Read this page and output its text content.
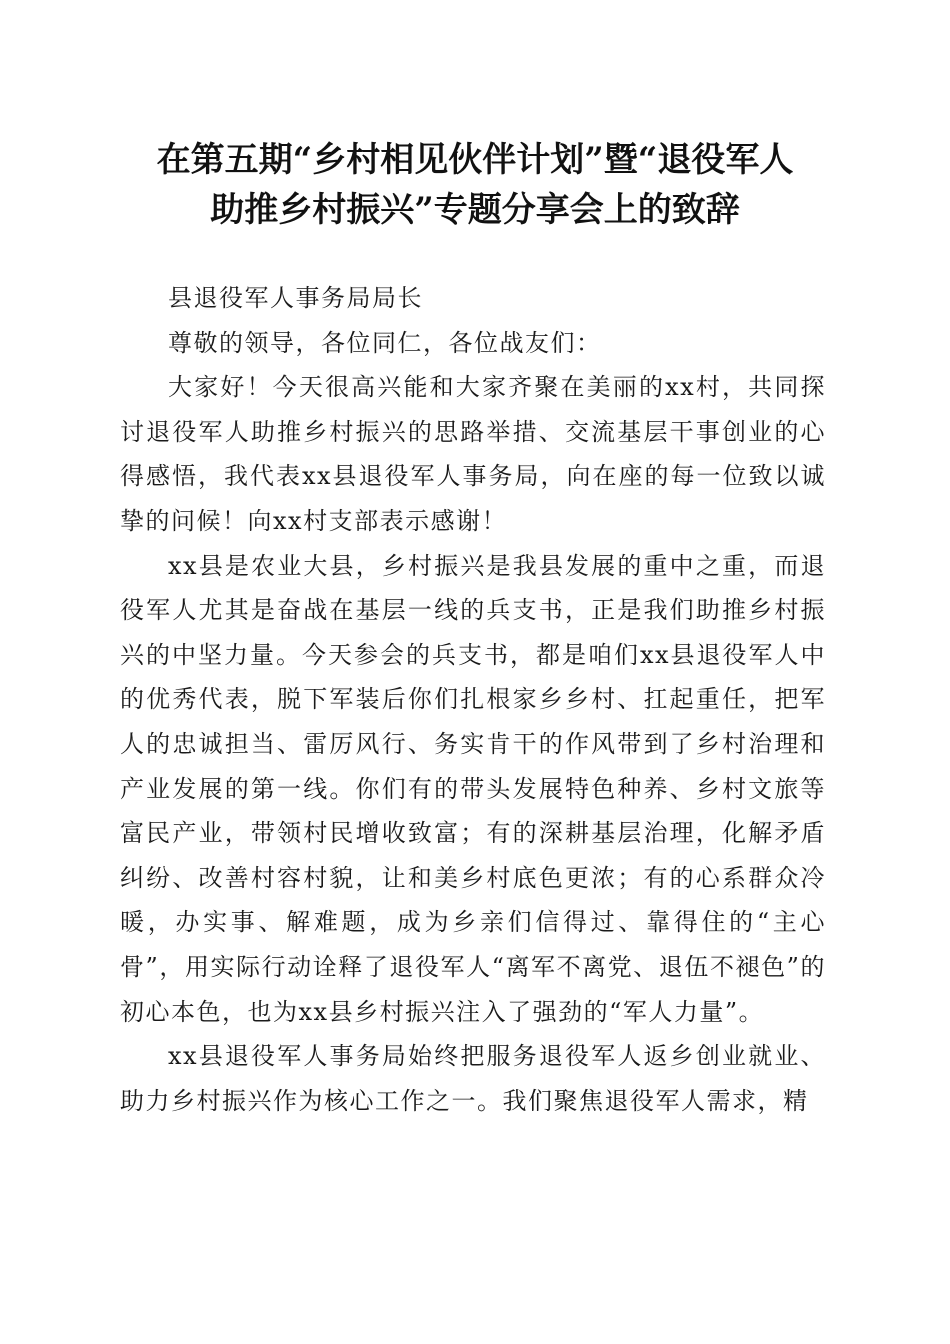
在第五期“乡村相见伙伴计划”暨“退役军人
助推乡村振兴”专题分享会上的致辞

县退役军人事务局局长

尊敬的领导，各位同仁，各位战友们：

大家好！今天很高兴能和大家齐聚在美丽的xx村，共同探讨退役军人助推乡村振兴的思路举措、交流基层干事创业的心得感悟，我代表xx县退役军人事务局，向在座的每一位致以诚挚的问候！向xx村支部表示感谢！

xx县是农业大县，乡村振兴是我县发展的重中之重，而退役军人尤其是奋战在基层一线的兵支书，正是我们助推乡村振兴的中坚力量。今天参会的兵支书，都是咱们xx县退役军人中的优秀代表，脱下军装后你们扎根家乡乡村、扛起重任，把军人的忠诚担当、雷厉风行、务实肯干的作风带到了乡村治理和产业发展的第一线。你们有的带头发展特色种养、乡村文旅等富民产业，带领村民增收致富；有的深耕基层治理，化解矛盾纠纷、改善村容村貌，让和美乡村底色更浓；有的心系群众冷暖，办实事、解难题，成为乡亲们信得过、靠得住的“主心骨”，用实际行动诠释了退役军人“离军不离党、退伍不褪色”的初心本色，也为xx县乡村振兴注入了强劲的“军人力量”。

xx县退役军人事务局始终把服务退役军人返乡创业就业、助力乡村振兴作为核心工作之一。我们聚焦退役军人需求，精
